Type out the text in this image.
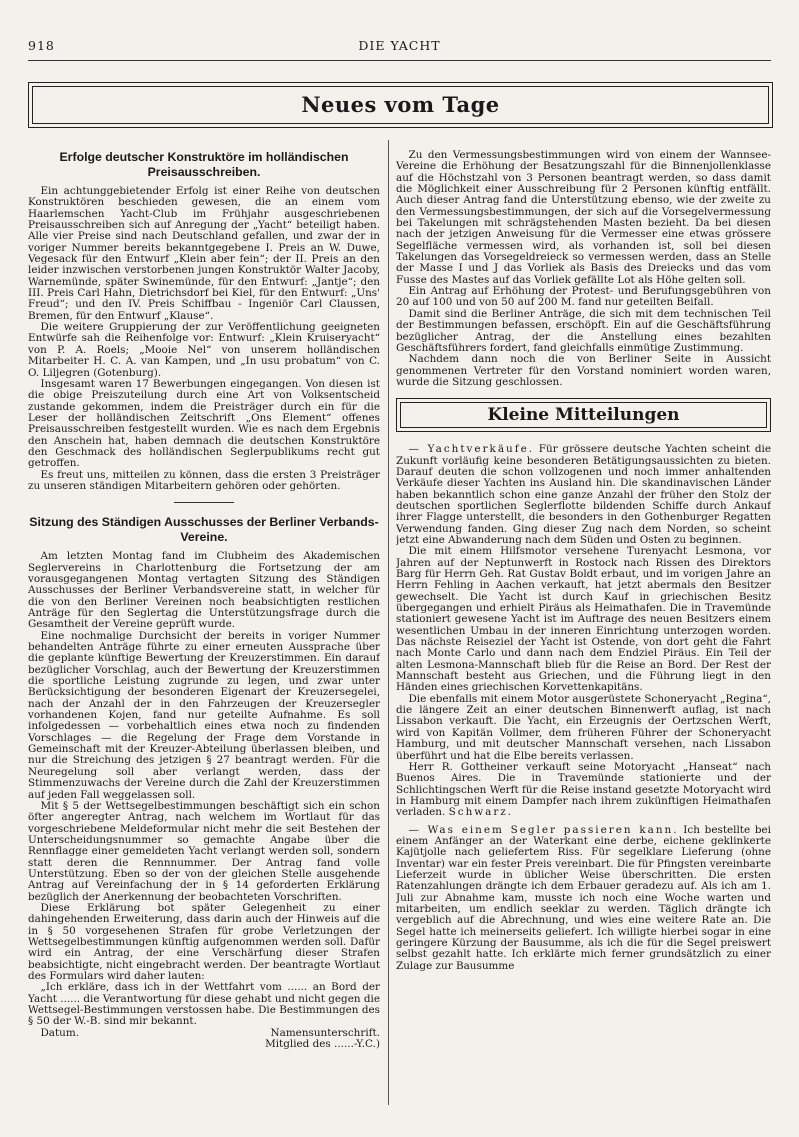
918	DIE YACHT
Neues vom Tage
Erfolge deutscher Konstruktöre im holländischen Preisausschreiben.

Ein achtunggebietender Erfolg ist einer Reihe von deutschen Konstruktören beschieden gewesen, die an einem vom Haarlemschen Yacht-Club im Frühjahr ausgeschriebenen Preisausschreiben sich auf Anregung der „Yacht“ beteiligt haben. Alle vier Preise sind nach Deutschland gefallen, und zwar der in voriger Nummer bereits bekanntgegebene I. Preis an W. Duwe, Vegesack für den Entwurf „Klein aber fein“; der II. Preis an den leider inzwischen verstorbenen jungen Konstruktör Walter Jacoby, Warnemünde, später Swinemünde, für den Entwurf: „Jantje“; den III. Preis Carl Hahn, Dietrichsdorf bei Kiel, für den Entwurf: „Uns' Freud“; und den IV. Preis Schiffbau - Ingeniör Carl Claussen, Bremen, für den Entwurf „Klause“.

Die weitere Gruppierung der zur Veröffentlichung geeigneten Entwürfe sah die Reihenfolge vor: Entwurf: „Klein Kruiseryacht“ von P. A. Roels; „Mooie Nel“ von unserem holländischen Mitarbeiter H. C. A. van Kampen, und „In usu probatum“ von C. O. Liljegren (Gotenburg).

Insgesamt waren 17 Bewerbungen eingegangen. Von diesen ist die obige Preiszuteilung durch eine Art von Volksentscheid zustande gekommen, indem die Preisträger durch ein für die Leser der holländischen Zeitschrift „Ons Element“ offenes Preisausschreiben festgestellt wurden. Wie es nach dem Ergebnis den Anschein hat, haben demnach die deutschen Konstruktöre den Geschmack des holländischen Seglerpublikums recht gut getroffen.

Es freut uns, mitteilen zu können, dass die ersten 3 Preisträger zu unseren ständigen Mitarbeitern gehören oder gehörten.

Sitzung des Ständigen Ausschusses der Berliner Verbands-Vereine.

Am letzten Montag fand im Clubheim des Akademischen Seglervereins in Charlottenburg die Fortsetzung der am vorausgegangenen Montag vertagten Sitzung des Ständigen Ausschusses der Berliner Verbandsvereine statt, in welcher für die von den Berliner Vereinen noch beabsichtigten restlichen Anträge für den Seglertag die Unterstützungsfrage durch die Gesamtheit der Vereine geprüft wurde.

Eine nochmalige Durchsicht der bereits in voriger Nummer behandelten Anträge führte zu einer erneuten Aussprache über die geplante künftige Bewertung der Kreuzerstimmen. Ein darauf bezüglicher Vorschlag, auch der Bewertung der Kreuzerstimmen die sportliche Leistung zugrunde zu legen, und zwar unter Berücksichtigung der besonderen Eigenart der Kreuzersegelei, nach der Anzahl der in den Fahrzeugen der Kreuzersegler vorhandenen Kojen, fand nur geteilte Aufnahme. Es soll infolgedessen — vorbehaltlich eines etwa noch zu findenden Vorschlages — die Regelung der Frage dem Vorstande in Gemeinschaft mit der Kreuzer-Abteilung überlassen bleiben, und nur die Streichung des jetzigen § 27 beantragt werden. Für die Neuregelung soll aber verlangt werden, dass der Stimmenzuwachs der Vereine durch die Zahl der Kreuzerstimmen auf jeden Fall weggelassen soll.

Mit § 5 der Wettsegelbestimmungen beschäftigt sich ein schon öfter angeregter Antrag, nach welchem im Wortlaut für das vorgeschriebene Meldeformular nicht mehr die seit Bestehen der Unterscheidungsnummer so gemachte Angabe über die Rennflagge einer gemeldeten Yacht verlangt werden soll, sondern statt deren die Rennnummer. Der Antrag fand volle Unterstützung. Eben so der von der gleichen Stelle ausgehende Antrag auf Vereinfachung der in § 14 geforderten Erklärung bezüglich der Anerkennung der beobachteten Vorschriften.

Diese Erklärung bot später Gelegenheit zu einer dahingehenden Erweiterung, dass darin auch der Hinweis auf die in § 50 vorgesehenen Strafen für grobe Verletzungen der Wettsegelbestimmungen künftig aufgenommen werden soll. Dafür wird ein Antrag, der eine Verschärfung dieser Strafen beabsichtigte, nicht eingebracht werden. Der beantragte Wortlaut des Formulars wird daher lauten:

„Ich erkläre, dass ich in der Wettfahrt vom ...... an Bord der Yacht ...... die Verantwortung für diese gehabt und nicht gegen die Wettsegel-Bestimmungen verstossen habe. Die Bestimmungen des § 50 der W.-B. sind mir bekannt.

Datum.	Namensunterschrift.
Mitglied des ......-Y.C.)

Zu den Vermessungsbestimmungen wird von einem der Wannsee-Vereine die Erhöhung der Besatzungszahl für die Binnenjollenklasse auf die Höchstzahl von 3 Personen beantragt werden, so dass damit die Möglichkeit einer Ausschreibung für 2 Personen künftig entfällt. Auch dieser Antrag fand die Unterstützung ebenso, wie der zweite zu den Vermessungsbestimmungen, der sich auf die Vorsegelvermessung bei Takelungen mit schrägstehenden Masten bezieht. Da bei diesen nach der jetzigen Anweisung für die Vermesser eine etwas grössere Segelfläche vermessen wird, als vorhanden ist, soll bei diesen Takelungen das Vorsegeldreieck so vermessen werden, dass an Stelle der Masse I und J das Vorliek als Basis des Dreiecks und das vom Fusse des Mastes auf das Vorliek gefällte Lot als Höhe gelten soll.

Ein Antrag auf Erhöhung der Protest- und Berufungsgebühren von 20 auf 100 und von 50 auf 200 M. fand nur geteilten Beifall.

Damit sind die Berliner Anträge, die sich mit dem technischen Teil der Bestimmungen befassen, erschöpft. Ein auf die Geschäftsführung bezüglicher Antrag, der die Anstellung eines bezahlten Geschäftsführers fordert, fand gleichfalls einmütige Zustimmung.

Nachdem dann noch die von Berliner Seite in Aussicht genommenen Vertreter für den Vorstand nominiert worden waren, wurde die Sitzung geschlossen.

Kleine Mitteilungen

— Yachtverkäufe. Für grössere deutsche Yachten scheint die Zukunft vorläufig keine besonderen Betätigungsaussichten zu bieten. Darauf deuten die schon vollzogenen und noch immer anhaltenden Verkäufe dieser Yachten ins Ausland hin. Die skandinavischen Länder haben bekanntlich schon eine ganze Anzahl der früher den Stolz der deutschen sportlichen Seglerflotte bildenden Schiffe durch Ankauf ihrer Flagge unterstellt, die besonders in den Gothenburger Regatten Verwendung fanden. Ging dieser Zug nach dem Norden, so scheint jetzt eine Abwanderung nach dem Süden und Osten zu beginnen.

Die mit einem Hilfsmotor versehene Turenyacht Lesmona, vor Jahren auf der Neptunwerft in Rostock nach Rissen des Direktors Barg für Herrn Geh. Rat Gustav Boldt erbaut, und im vorigen Jahre an Herrn Fehling in Aachen verkauft, hat jetzt abermals den Besitzer gewechselt. Die Yacht ist durch Kauf in griechischen Besitz übergegangen und erhielt Piräus als Heimathafen. Die in Travemünde stationiert gewesene Yacht ist im Auftrage des neuen Besitzers einem wesentlichen Umbau in der inneren Einrichtung unterzogen worden. Das nächste Reiseziel der Yacht ist Ostende, von dort geht die Fahrt nach Monte Carlo und dann nach dem Endziel Piräus. Ein Teil der alten Lesmona-Mannschaft blieb für die Reise an Bord. Der Rest der Mannschaft besteht aus Griechen, und die Führung liegt in den Händen eines griechischen Korvettenkapitäns.

Die ebenfalls mit einem Motor ausgerüstete Schoneryacht „Regina“, die längere Zeit an einer deutschen Binnenwerft auflag, ist nach Lissabon verkauft. Die Yacht, ein Erzeugnis der Oertzschen Werft, wird von Kapitän Vollmer, dem früheren Führer der Schoneryacht Hamburg, und mit deutscher Mannschaft versehen, nach Lissabon überführt und hat die Elbe bereits verlassen.

Herr R. Gottheiner verkauft seine Motoryacht „Hanseat“ nach Buenos Aires. Die in Travemünde stationierte und der Schlichtingschen Werft für die Reise instand gesetzte Motoryacht wird in Hamburg mit einem Dampfer nach ihrem zukünftigen Heimathafen verladen. Schwarz.

— Was einem Segler passieren kann. Ich bestellte bei einem Anfänger an der Waterkant eine derbe, eichene geklinkerte Kajütjolle nach geliefertem Riss. Für segelklare Lieferung (ohne Inventar) war ein fester Preis vereinbart. Die für Pfingsten vereinbarte Lieferzeit wurde in üblicher Weise überschritten. Die ersten Ratenzahlungen drängte ich dem Erbauer geradezu auf. Als ich am 1. Juli zur Abnahme kam, musste ich noch eine Woche warten und mitarbeiten, um endlich seeklar zu werden. Täglich drängte ich vergeblich auf die Abrechnung, und wies eine weitere Rate an. Die Segel hatte ich meinerseits geliefert. Ich willigte hierbei sogar in eine geringere Kürzung der Bausumme, als ich die für die Segel preiswert selbst gezahlt hatte. Ich erklärte mich ferner grundsätzlich zu einer Zulage zur Bausumme
